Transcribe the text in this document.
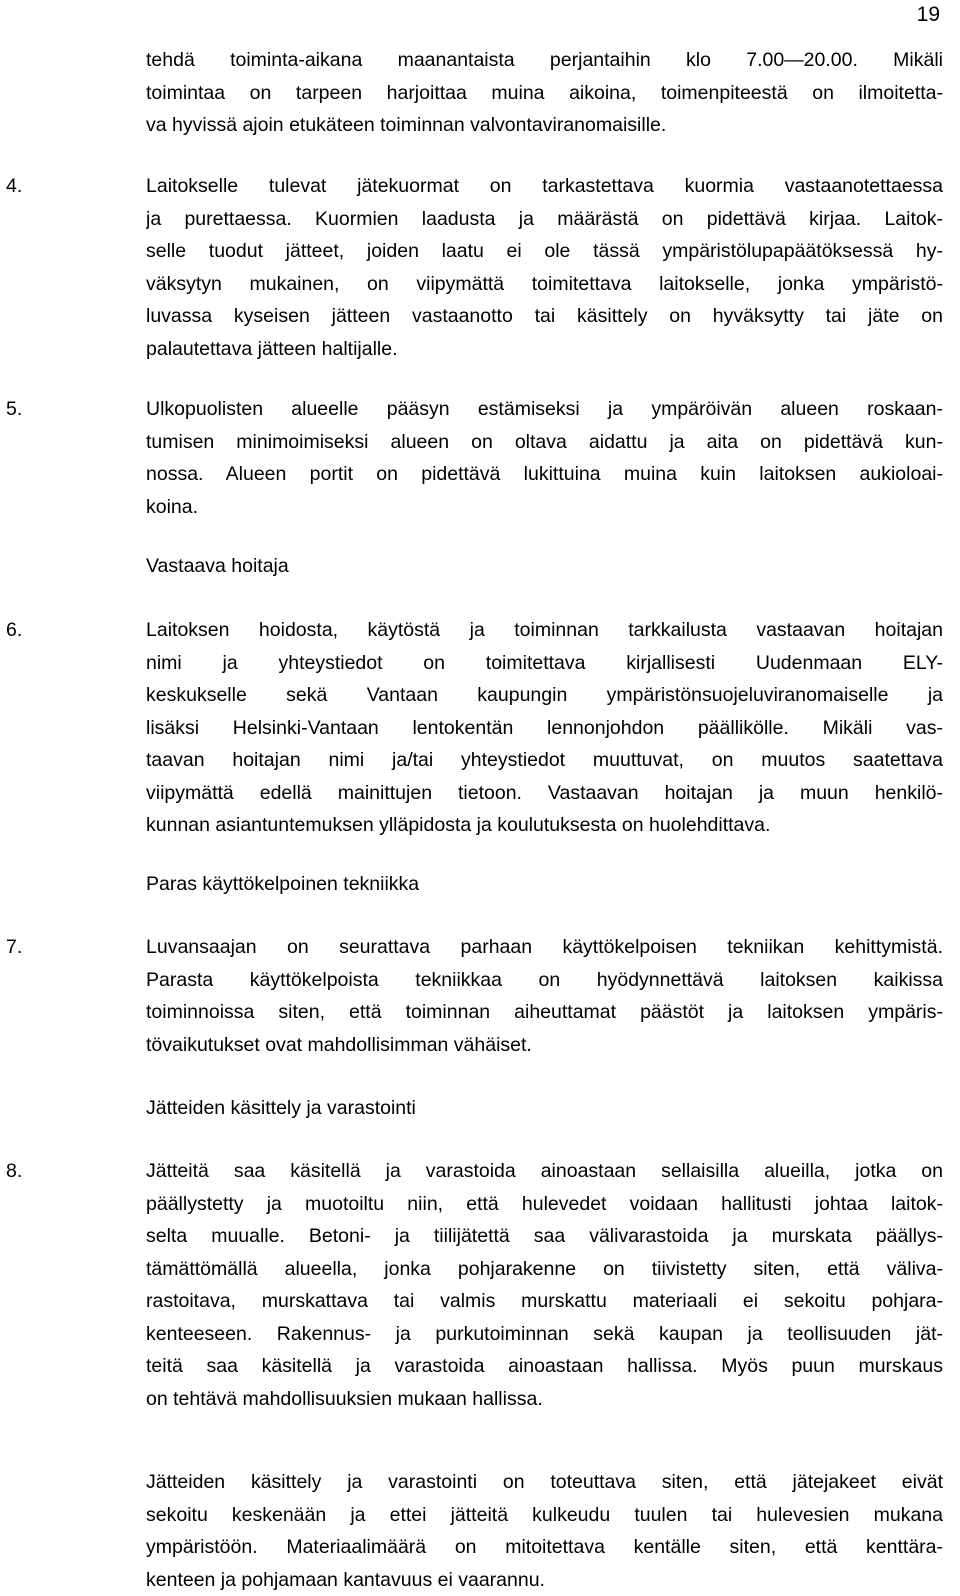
19
tehdä toiminta-aikana maanantaista perjantaihin klo 7.00—20.00. Mikäli
toimintaa on tarpeen harjoittaa muina aikoina, toimenpiteestä on ilmoitetta-
va hyvissä ajoin etukäteen toiminnan valvontaviranomaisille.
4.	Laitokselle tulevat jätekuormat on tarkastettava kuormia vastaanotettaessa
ja purettaessa. Kuormien laadusta ja määrästä on pidettävä kirjaa. Laitok-
selle tuodut jätteet, joiden laatu ei ole tässä ympäristölupapäätöksessä hy-
väksytyn mukainen, on viipymättä toimitettava laitokselle, jonka ympäristö-
luvassa kyseisen jätteen vastaanotto tai käsittely on hyväksytty tai jäte on
palautettava jätteen haltijalle.
5.	Ulkopuolisten alueelle pääsyn estämiseksi ja ympäröivän alueen roskaan-
tumisen minimoimiseksi alueen on oltava aidattu ja aita on pidettävä kun-
nossa. Alueen portit on pidettävä lukittuina muina kuin laitoksen aukioloai-
koina.
Vastaava hoitaja
6.	Laitoksen hoidosta, käytöstä ja toiminnan tarkkailusta vastaavan hoitajan
nimi ja yhteystiedot on toimitettava kirjallisesti Uudenmaan ELY-
keskukselle sekä Vantaan kaupungin ympäristönsuojeluviranomaiselle ja
lisäksi Helsinki-Vantaan lentokentän lennonjohdon päällikölle. Mikäli vas-
taavan hoitajan nimi ja/tai yhteystiedot muuttuvat, on muutos saatettava
viipymättä edellä mainittujen tietoon. Vastaavan hoitajan ja muun henkilö-
kunnan asiantuntemuksen ylläpidosta ja koulutuksesta on huolehdittava.
Paras käyttökelpoinen tekniikka
7.	Luvansaajan on seurattava parhaan käyttökelpoisen tekniikan kehittymistä.
Parasta käyttökelpoista tekniikkaa on hyödynnettävä laitoksen kaikissa
toiminnoissa siten, että toiminnan aiheuttamat päästöt ja laitoksen ympäris-
tövaikutukset ovat mahdollisimman vähäiset.
Jätteiden käsittely ja varastointi
8.	Jätteitä saa käsitellä ja varastoida ainoastaan sellaisilla alueilla, jotka on
päällystetty ja muotoiltu niin, että hulevedet voidaan hallitusti johtaa laitok-
selta muualle. Betoni- ja tiilijätettä saa välivarastoida ja murskata päällys-
tämättömällä alueella, jonka pohjarakenne on tiivistetty siten, että väliva-
rastoitava, murskattava tai valmis murskattu materiaali ei sekoitu pohjara-
kenteeseen. Rakennus- ja purkutoiminnan sekä kaupan ja teollisuuden jät-
teitä saa käsitellä ja varastoida ainoastaan hallissa. Myös puun murskaus
on tehtävä mahdollisuuksien mukaan hallissa.
Jätteiden käsittely ja varastointi on toteuttava siten, että jätejakeet eivät
sekoitu keskenään ja ettei jätteitä kulkeudu tuulen tai hulevesien mukana
ympäristöön. Materiaalimäärä on mitoitettava kentälle siten, että kenttära-
kenteen ja pohjamaan kantavuus ei vaarannu.
